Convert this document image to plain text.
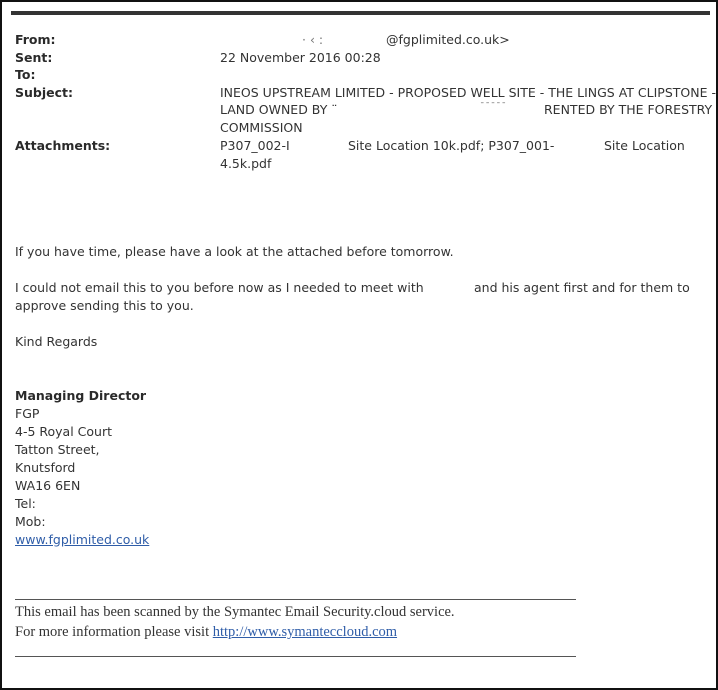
From:	· ‹ :	@fgplimited.co.uk>
Sent:	22 November 2016 00:28
To:
Subject:	INEOS UPSTREAM LIMITED - PROPOSED WELL SITE - THE LINGS AT CLIPSTONE -
LAND OWNED BY ¨	¯ ¯ ¯ ¯ ¯	RENTED BY THE FORESTRY
COMMISSION
Attachments:	P307_002-I	Site Location 10k.pdf; P307_001-	Site Location
4.5k.pdf
If you have time, please have a look at the attached before tomorrow.
I could not email this to you before now as I needed to meet with	and his agent first and for them to
approve sending this to you.
Kind Regards
Managing Director
FGP
4-5 Royal Court
Tatton Street,
Knutsford
WA16 6EN
Tel:
Mob:
www.fgplimited.co.uk
This email has been scanned by the Symantec Email Security.cloud service.
For more information please visit http://www.symanteccloud.com
